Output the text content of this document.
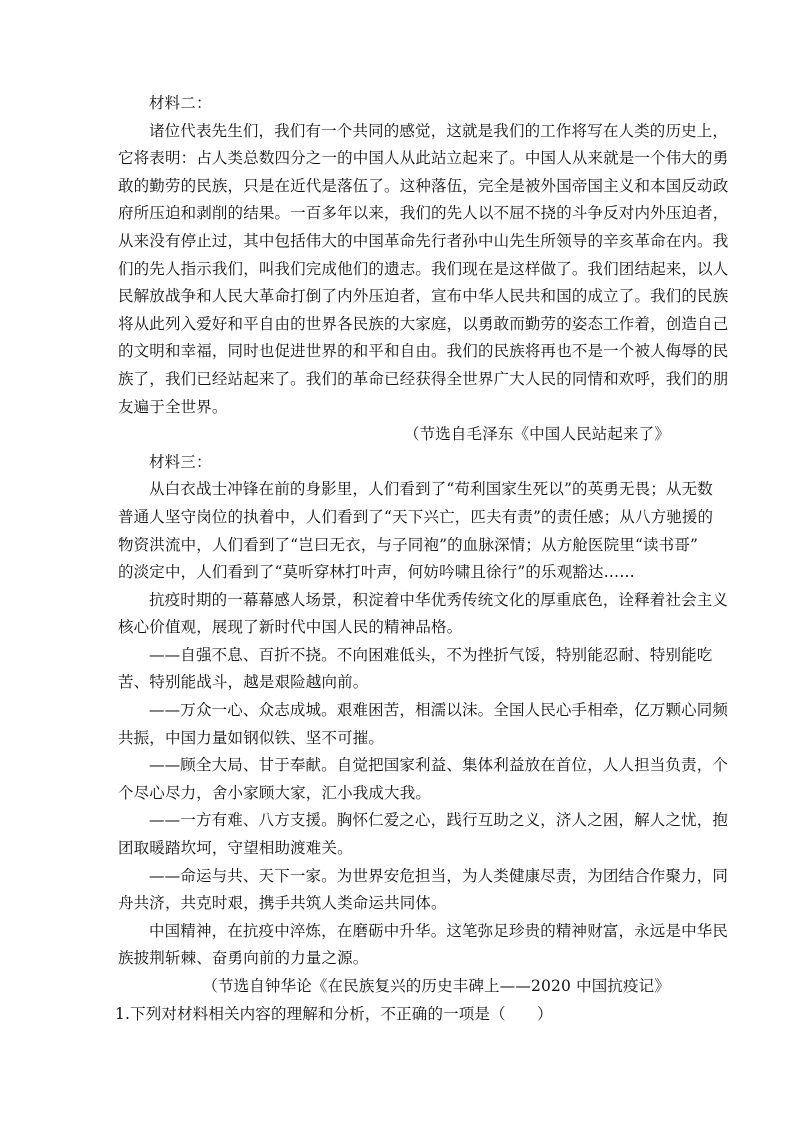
材料二：
诸位代表先生们，我们有一个共同的感觉，这就是我们的工作将写在人类的历史上，
它将表明：占人类总数四分之一的中国人从此站立起来了。中国人从来就是一个伟大的勇
敢的勤劳的民族，只是在近代是落伍了。这种落伍，完全是被外国帝国主义和本国反动政
府所压迫和剥削的结果。一百多年以来，我们的先人以不屈不挠的斗争反对内外压迫者，
从来没有停止过，其中包括伟大的中国革命先行者孙中山先生所领导的辛亥革命在内。我
们的先人指示我们，叫我们完成他们的遗志。我们现在是这样做了。我们团结起来，以人
民解放战争和人民大革命打倒了内外压迫者，宣布中华人民共和国的成立了。我们的民族
将从此列入爱好和平自由的世界各民族的大家庭，以勇敢而勤劳的姿态工作着，创造自己
的文明和幸福，同时也促进世界的和平和自由。我们的民族将再也不是一个被人侮辱的民
族了，我们已经站起来了。我们的革命已经获得全世界广大人民的同情和欢呼，我们的朋
友遍于全世界。
（节选自毛泽东《中国人民站起来了》
材料三：
从白衣战士冲锋在前的身影里，人们看到了“苟利国家生死以”的英勇无畏；从无数
普通人坚守岗位的执着中，人们看到了“天下兴亡，匹夫有责”的责任感；从八方驰援的
物资洪流中，人们看到了“岂曰无衣，与子同袍”的血脉深情；从方舱医院里“读书哥”
的淡定中，人们看到了“莫听穿林打叶声，何妨吟啸且徐行”的乐观豁达……
抗疫时期的一幕幕感人场景，积淀着中华优秀传统文化的厚重底色，诠释着社会主义
核心价值观，展现了新时代中国人民的精神品格。
——自强不息、百折不挠。不向困难低头，不为挫折气馁，特别能忍耐、特别能吃
苦、特别能战斗，越是艰险越向前。
——万众一心、众志成城。艰难困苦，相濡以沫。全国人民心手相牵，亿万颗心同频
共振，中国力量如钢似铁、坚不可摧。
——顾全大局、甘于奉献。自觉把国家利益、集体利益放在首位，人人担当负责，个
个尽心尽力，舍小家顾大家，汇小我成大我。
——一方有难、八方支援。胸怀仁爱之心，践行互助之义，济人之困，解人之忧，抱
团取暖踏坎坷，守望相助渡难关。
——命运与共、天下一家。为世界安危担当，为人类健康尽责，为团结合作聚力，同
舟共济，共克时艰，携手共筑人类命运共同体。
中国精神，在抗疫中淬炼，在磨砺中升华。这笔弥足珍贵的精神财富，永远是中华民
族披荆斩棘、奋勇向前的力量之源。
（节选自钟华论《在民族复兴的历史丰碑上——2020 中国抗疫记》
1.下列对材料相关内容的理解和分析，不正确的一项是（　　）
